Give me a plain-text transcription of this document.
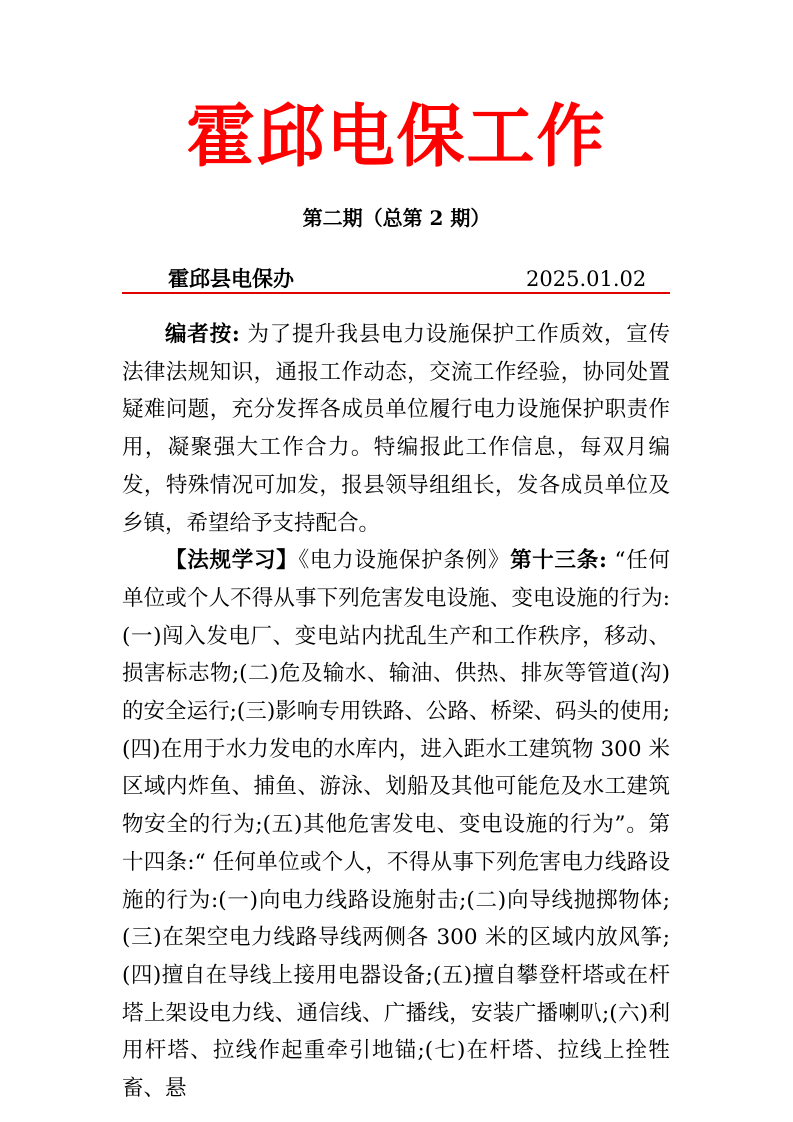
霍邱电保工作
第二期（总第 2 期）
霍邱县电保办	2025.01.02

编者按: 为了提升我县电力设施保护工作质效，宣传法律法规知识，通报工作动态，交流工作经验，协同处置疑难问题，充分发挥各成员单位履行电力设施保护职责作用，凝聚强大工作合力。特编报此工作信息，每双月编发，特殊情况可加发，报县领导组组长，发各成员单位及乡镇，希望给予支持配合。

【法规学习】《电力设施保护条例》第十三条: “任何单位或个人不得从事下列危害发电设施、变电设施的行为:(一)闯入发电厂、变电站内扰乱生产和工作秩序，移动、损害标志物;(二)危及输水、输油、供热、排灰等管道(沟)的安全运行;(三)影响专用铁路、公路、桥梁、码头的使用;(四)在用于水力发电的水库内，进入距水工建筑物 300 米区域内炸鱼、捕鱼、游泳、划船及其他可能危及水工建筑物安全的行为;(五)其他危害发电、变电设施的行为”。第十四条:“ 任何单位或个人，不得从事下列危害电力线路设施的行为:(一)向电力线路设施射击;(二)向导线抛掷物体;(三)在架空电力线路导线两侧各 300 米的区域内放风筝;(四)擅自在导线上接用电器设备;(五)擅自攀登杆塔或在杆塔上架设电力线、通信线、广播线，安装广播喇叭;(六)利用杆塔、拉线作起重牵引地锚;(七)在杆塔、拉线上拴牲畜、悬
